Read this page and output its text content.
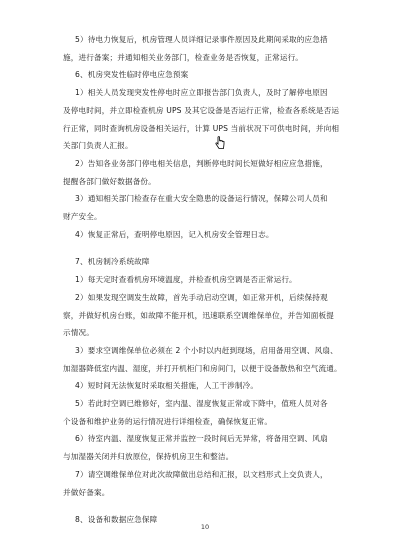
5）待电力恢复后，机房管理人员详细记录事件原因及此期间采取的应急措
施，进行备案；并通知相关业务部门，检查业务是否恢复，正常运行。
6、机房突发性临时停电应急预案
1）相关人员发现突发性停电时应立即报告部门负责人，及时了解停电原因
及停电时间，并立即检查机房 UPS 及其它设备是否运行正常，检查各系统是否运
行正常，同时查询机房设备相关运行，计算 UPS 当前状况下可供电时间，并向相
关部门负责人汇报。
2）告知各业务部门停电相关信息，判断停电时间长短做好相应应急措施，
提醒各部门做好数据备份。
3）通知相关部门检查存在重大安全隐患的设备运行情况，保障公司人员和
财产安全。
4）恢复正常后，查明停电原因，记入机房安全管理日志。
7、机房制冷系统故障
1）每天定时查看机房环境温度，并检查机房空调是否正常运行。
2）如果发现空调发生故障，首先手动启动空调，如正常开机，后续保持观
察，并做好机房台账，如故障不能开机，迅速联系空调维保单位，并告知面板提
示情况。
3）要求空调维保单位必须在 2 个小时以内赶到现场，启用备用空调、风扇、
加湿器降低室内温、湿度，并打开机柜门和房间门，以便于设备散热和空气流通。
4）短时间无法恢复时采取相关措施，人工干涉制冷。
5）若此时空调已维修好，室内温、湿度恢复正常或下降中，值班人员对各
个设备和维护业务的运行情况进行详细检查，确保恢复正常。
6）待室内温、湿度恢复正常并监控一段时间后无异常，将备用空调、风扇
与加湿器关闭并归放原位，保持机房卫生和整洁。
7）请空调维保单位对此次故障做出总结和汇报，以文档形式上交负责人，
并做好备案。
8、设备和数据应急保障
10
